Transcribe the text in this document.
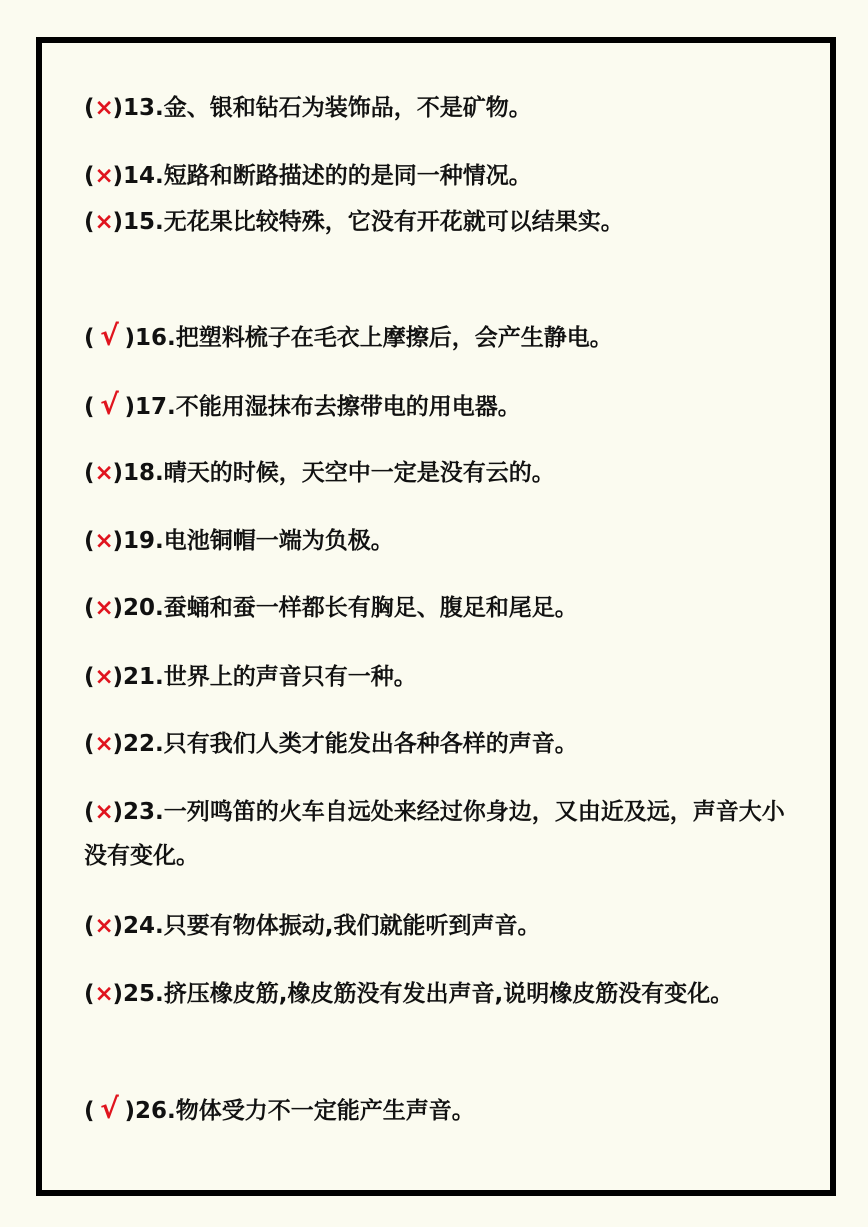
(×)13.金、银和钻石为装饰品，不是矿物。
(×)14.短路和断路描述的的是同一种情况。
(×)15.无花果比较特殊，它没有开花就可以结果实。
( √ )16.把塑料梳子在毛衣上摩擦后，会产生静电。
( √ )17.不能用湿抹布去擦带电的用电器。
(×)18.晴天的时候，天空中一定是没有云的。
(×)19.电池铜帽一端为负极。
(×)20.蚕蛹和蚕一样都长有胸足、腹足和尾足。
(×)21.世界上的声音只有一种。
(×)22.只有我们人类才能发出各种各样的声音。
(×)23.一列鸣笛的火车自远处来经过你身边，又由近及远，声音大小没有变化。
(×)24.只要有物体振动,我们就能听到声音。
(×)25.挤压橡皮筋,橡皮筋没有发出声音,说明橡皮筋没有变化。
( √ )26.物体受力不一定能产生声音。
